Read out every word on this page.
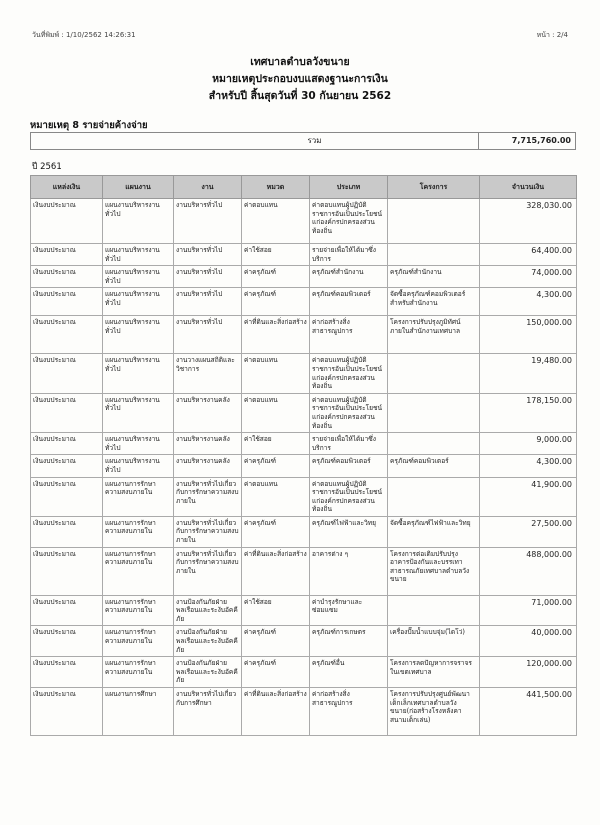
วันที่พิมพ์ : 1/10/2562 14:26:31	หน้า : 2/4
เทศบาลตำบลวังขนาย
หมายเหตุประกอบงบแสดงฐานะการเงิน
สำหรับปี สิ้นสุดวันที่ 30 กันยายน 2562
หมายเหตุ 8 รายจ่ายค้างจ่าย
รวม	7,715,760.00
ปี 2561
แหล่งเงิน	แผนงาน	งาน	หมวด	ประเภท	โครงการ	จำนวนเงิน
เงินงบประมาณ	แผนงานบริหารงานทั่วไป	งานบริหารทั่วไป	ค่าตอบแทน	ค่าตอบแทนผู้ปฏิบัติราชการอันเป็นประโยชน์แก่องค์กรปกครองส่วนท้องถิ่น		328,030.00
เงินงบประมาณ	แผนงานบริหารงานทั่วไป	งานบริหารทั่วไป	ค่าใช้สอย	รายจ่ายเพื่อให้ได้มาซึ่งบริการ		64,400.00
เงินงบประมาณ	แผนงานบริหารงานทั่วไป	งานบริหารทั่วไป	ค่าครุภัณฑ์	ครุภัณฑ์สำนักงาน	ครุภัณฑ์สำนักงาน	74,000.00
เงินงบประมาณ	แผนงานบริหารงานทั่วไป	งานบริหารทั่วไป	ค่าครุภัณฑ์	ครุภัณฑ์คอมพิวเตอร์	จัดซื้อครุภัณฑ์คอมพิวเตอร์ สำหรับสำนักงาน	4,300.00
เงินงบประมาณ	แผนงานบริหารงานทั่วไป	งานบริหารทั่วไป	ค่าที่ดินและสิ่งก่อสร้าง	ค่าก่อสร้างสิ่งสาธารณูปการ	โครงการปรับปรุงภูมิทัศน์ภายในสำนักงานเทศบาล	150,000.00
เงินงบประมาณ	แผนงานบริหารงานทั่วไป	งานวางแผนสถิติและวิชาการ	ค่าตอบแทน	ค่าตอบแทนผู้ปฏิบัติราชการอันเป็นประโยชน์แก่องค์กรปกครองส่วนท้องถิ่น		19,480.00
เงินงบประมาณ	แผนงานบริหารงานทั่วไป	งานบริหารงานคลัง	ค่าตอบแทน	ค่าตอบแทนผู้ปฏิบัติราชการอันเป็นประโยชน์แก่องค์กรปกครองส่วนท้องถิ่น		178,150.00
เงินงบประมาณ	แผนงานบริหารงานทั่วไป	งานบริหารงานคลัง	ค่าใช้สอย	รายจ่ายเพื่อให้ได้มาซึ่งบริการ		9,000.00
เงินงบประมาณ	แผนงานบริหารงานทั่วไป	งานบริหารงานคลัง	ค่าครุภัณฑ์	ครุภัณฑ์คอมพิวเตอร์	ครุภัณฑ์คอมพิวเตอร์	4,300.00
เงินงบประมาณ	แผนงานการรักษาความสงบภายใน	งานบริหารทั่วไปเกี่ยวกับการรักษาความสงบภายใน	ค่าตอบแทน	ค่าตอบแทนผู้ปฏิบัติราชการอันเป็นประโยชน์แก่องค์กรปกครองส่วนท้องถิ่น		41,900.00
เงินงบประมาณ	แผนงานการรักษาความสงบภายใน	งานบริหารทั่วไปเกี่ยวกับการรักษาความสงบภายใน	ค่าครุภัณฑ์	ครุภัณฑ์ไฟฟ้าและวิทยุ	จัดซื้อครุภัณฑ์ไฟฟ้าและวิทยุ	27,500.00
เงินงบประมาณ	แผนงานการรักษาความสงบภายใน	งานบริหารทั่วไปเกี่ยวกับการรักษาความสงบภายใน	ค่าที่ดินและสิ่งก่อสร้าง	อาคารต่าง ๆ	โครงการต่อเติมปรับปรุงอาคารป้องกันและบรรเทาสาธารณภัยเทศบาลตำบลวังขนาย	488,000.00
เงินงบประมาณ	แผนงานการรักษาความสงบภายใน	งานป้องกันภัยฝ่ายพลเรือนและระงับอัคคีภัย	ค่าใช้สอย	ค่าบำรุงรักษาและซ่อมแซม		71,000.00
เงินงบประมาณ	แผนงานการรักษาความสงบภายใน	งานป้องกันภัยฝ่ายพลเรือนและระงับอัคคีภัย	ค่าครุภัณฑ์	ครุภัณฑ์การเกษตร	เครื่องปั๊มน้ำแบบจุ่ม(ไดโว่)	40,000.00
เงินงบประมาณ	แผนงานการรักษาความสงบภายใน	งานป้องกันภัยฝ่ายพลเรือนและระงับอัคคีภัย	ค่าครุภัณฑ์	ครุภัณฑ์อื่น	โครงการลดปัญหาการจราจรในเขตเทศบาล	120,000.00
เงินงบประมาณ	แผนงานการศึกษา	งานบริหารทั่วไปเกี่ยวกับการศึกษา	ค่าที่ดินและสิ่งก่อสร้าง	ค่าก่อสร้างสิ่งสาธารณูปการ	โครงการปรับปรุงศูนย์พัฒนาเด็กเล็กเทศบาลตำบลวังขนาย(ก่อสร้างโรงหลังคาสนามเด็กเล่น)	441,500.00
